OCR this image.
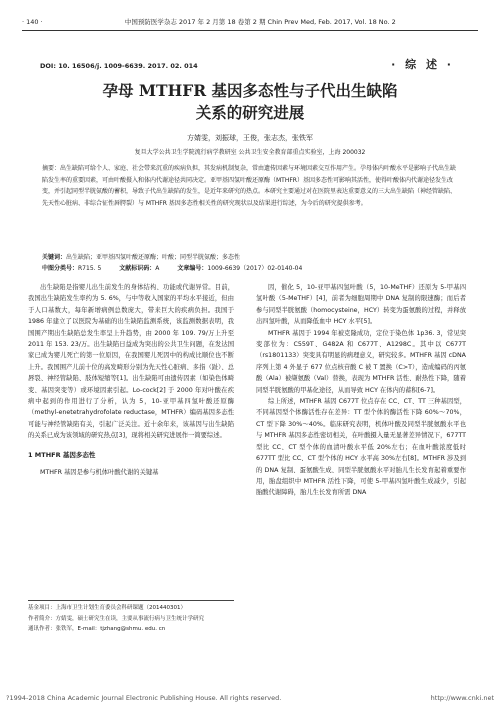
· 140 ·	中国预防医学杂志 2017 年 2 月第 18 卷第 2 期 Chin Prev Med, Feb. 2017, Vol. 18 No. 2
DOI: 10. 16506/j. 1009-6639. 2017. 02. 014	· 综 述 ·
孕母 MTHFR 基因多态性与子代出生缺陷
关系的研究进展
方婧雯，刘振球，王俊，张志杰，张铁军
复旦大学公共卫生学院流行病学教研室 公共卫生安全教育部重点实验室，上海 200032

摘要：出生缺陷可给个人、家庭、社会带来沉重的疾病负担，其发病机制复杂，常由遗传因素与环境因素交互作用产生。孕母体内叶酸水平是影响子代出生缺陷发生率的重要因素，可由叶酸摄入和体内代谢途径共同决定。亚甲基四氢叶酸还原酶（MTHFR）基因多态性可影响其活性，使得叶酸体内代谢途径发生改变，并引起同型半胱氨酸的蓄积，导致子代出生缺陷的发生，是近年来研究的热点。本研究主要通过对在医院里表达重要意义的三大出生缺陷（神经管缺陷、先天性心脏病、非综合征性唇腭裂）与 MTHFR 基因多态性相关性的研究现状以及结果进行综述，为今后的研究提供参考。

关键词：出生缺陷；亚甲基四氢叶酸还原酶；叶酸；同型半胱氨酸；多态性
中图分类号：R715. 5	文献标识码：A	文章编号：1009-6639（2017）02-0140-04

出生缺陷是指婴儿出生前发生的身体结构、功能或代谢异常。目前，我国出生缺陷发生率约为 5. 6%，与中等收入国家的平均水平接近，但由于人口基数大，每年新增病例总数庞大，带来巨大的疾病负担。我国于 1986 年建立了以医院为基础的出生缺陷监测系统，该监测数据表明，我国围产期出生缺陷总发生率呈上升趋势，由 2000 年 109. 79/万上升至 2011 年 153. 23/万。出生缺陷日益成为突出的公共卫生问题，在发达国家已成为婴儿死亡的第一位原因，在我国婴儿死因中的构成比顺位也不断上升。我国围产儿前十位的高发畸形分别为先天性心脏病、多指（趾）、总唇裂、神经管缺陷、肢体短缩等[1]。出生缺陷可由遗传因素（如染色体畸变、基因突变等）或环境因素引起。Lo-cock[2] 于 2000 年对叶酸在疾病中起到的作用进行了分析，认为 5，10-亚甲基四氢叶酸还原酶（methyl-enetetrahydrofolate reductase，MTHFR）编码基因多态性可能与神经管缺陷有关，引起广泛关注。近十余年来，该基因与出生缺陷的关系已成为该领域的研究热点[3]，现将相关研究进展作一简要综述。

1 MTHFR 基因多态性

MTHFR 基因是参与机体叶酸代谢的关键基

基金项目：上海市卫生计划生育委员会科研课题（201440301）
作者简介：方婧雯，硕士研究生在读，主要从事流行病与卫生统计学研究
通讯作者：张铁军，E-mail：tjzhang@shmu. edu. cn

因，催化 5，10-亚甲基四氢叶酸（5，10-MeTHF）还原为 5-甲基四氢叶酸（5-MeTHF）[4]，前者为细胞周期中 DNA 复制的限速酶；而后者参与同型半胱氨酸（homocysteine，HCY）转变为蛋氨酸的过程，并释放出四氢叶酸，从而降低血中 HCY 水平[5]。

MTHFR 基因于 1994 年被克隆成功，定位于染色体 1p36. 3，常见突变部位为：C559T、G482A 和 C677T、A1298C。其中以 C677T（rs1801133）突变具有明显的病理意义，研究较多。MTHFR 基因 cDNA 序列上第 4 外显子 677 位点核苷酸 C 被 T 置换（C>T），造成编码的丙氨酸（Ala）被缬氨酸（Val）替换，表现为 MTHFR 活性、耐热性下降，随着同型半胱氨酸的甲基化途径，从而导致 HCY 在体内的蓄积[6-7]。

综上所述，MTHFR 基因 C677T 位点存在 CC、CT、TT 三种基因型，不同基因型个体酶活性存在差异：TT 型个体的酶活性下降 60%～70%，CT 型下降 30%～40%。临床研究表明，机体叶酸及同型半胱氨酸水平也与 MTHFR 基因多态性密切相关，在叶酸摄入量无显著差异情况下，677TT 型比 CC、CT 型个体的血清叶酸水平低 20%左右；在血叶酸浓度低时 677TT 型比 CC、CT 型个体的 HCY 水平高 30%左右[8]。MTHFR 涉及到的 DNA 复制、蛋氨酸生成、同型半胱氨酸水平对胎儿生长发育起着重要作用，胎盘组织中 MTHFR 活性下降，可使 5-甲基四氢叶酸生成减少，引起胎酸代谢障碍，胎儿生长发育所需 DNA

?1994-2018 China Academic Journal Electronic Publishing House. All rights reserved.	http://www.cnki.net
